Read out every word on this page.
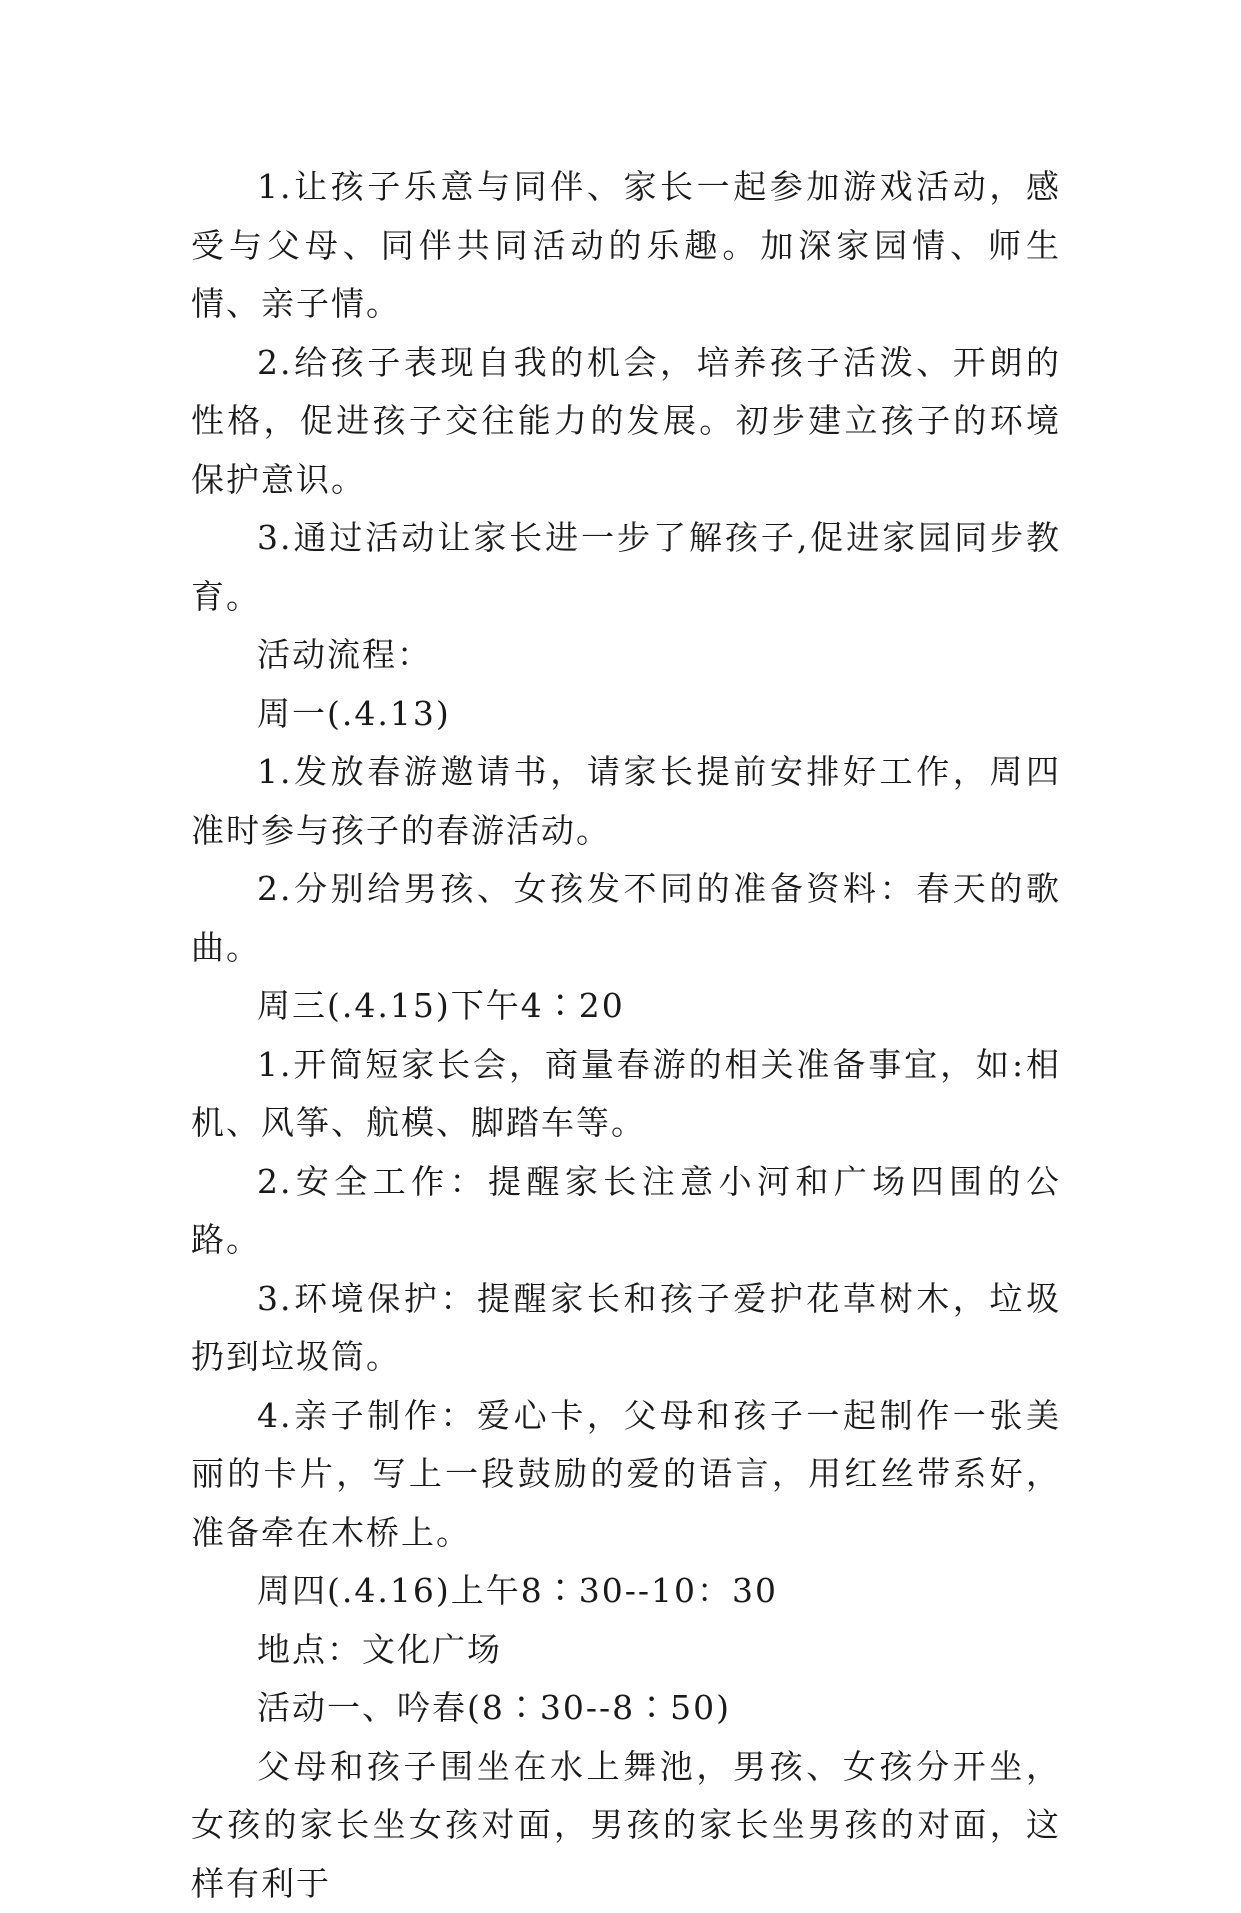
1.让孩子乐意与同伴、家长一起参加游戏活动，感受与父母、同伴共同活动的乐趣。加深家园情、师生情、亲子情。

2.给孩子表现自我的机会，培养孩子活泼、开朗的性格，促进孩子交往能力的发展。初步建立孩子的环境保护意识。

3.通过活动让家长进一步了解孩子,促进家园同步教育。

活动流程：

周一(.4.13)

1.发放春游邀请书，请家长提前安排好工作，周四准时参与孩子的春游活动。

2.分别给男孩、女孩发不同的准备资料：春天的歌曲。

周三(.4.15)下午4∶20

1.开简短家长会，商量春游的相关准备事宜，如:相机、风筝、航模、脚踏车等。

2.安全工作：提醒家长注意小河和广场四围的公路。

3.环境保护：提醒家长和孩子爱护花草树木，垃圾扔到垃圾筒。

4.亲子制作：爱心卡，父母和孩子一起制作一张美丽的卡片，写上一段鼓励的爱的语言，用红丝带系好，准备牵在木桥上。

周四(.4.16)上午8∶30--10：30

地点：文化广场

活动一、吟春(8∶30--8∶50)

父母和孩子围坐在水上舞池，男孩、女孩分开坐，女孩的家长坐女孩对面，男孩的家长坐男孩的对面，这样有利于
